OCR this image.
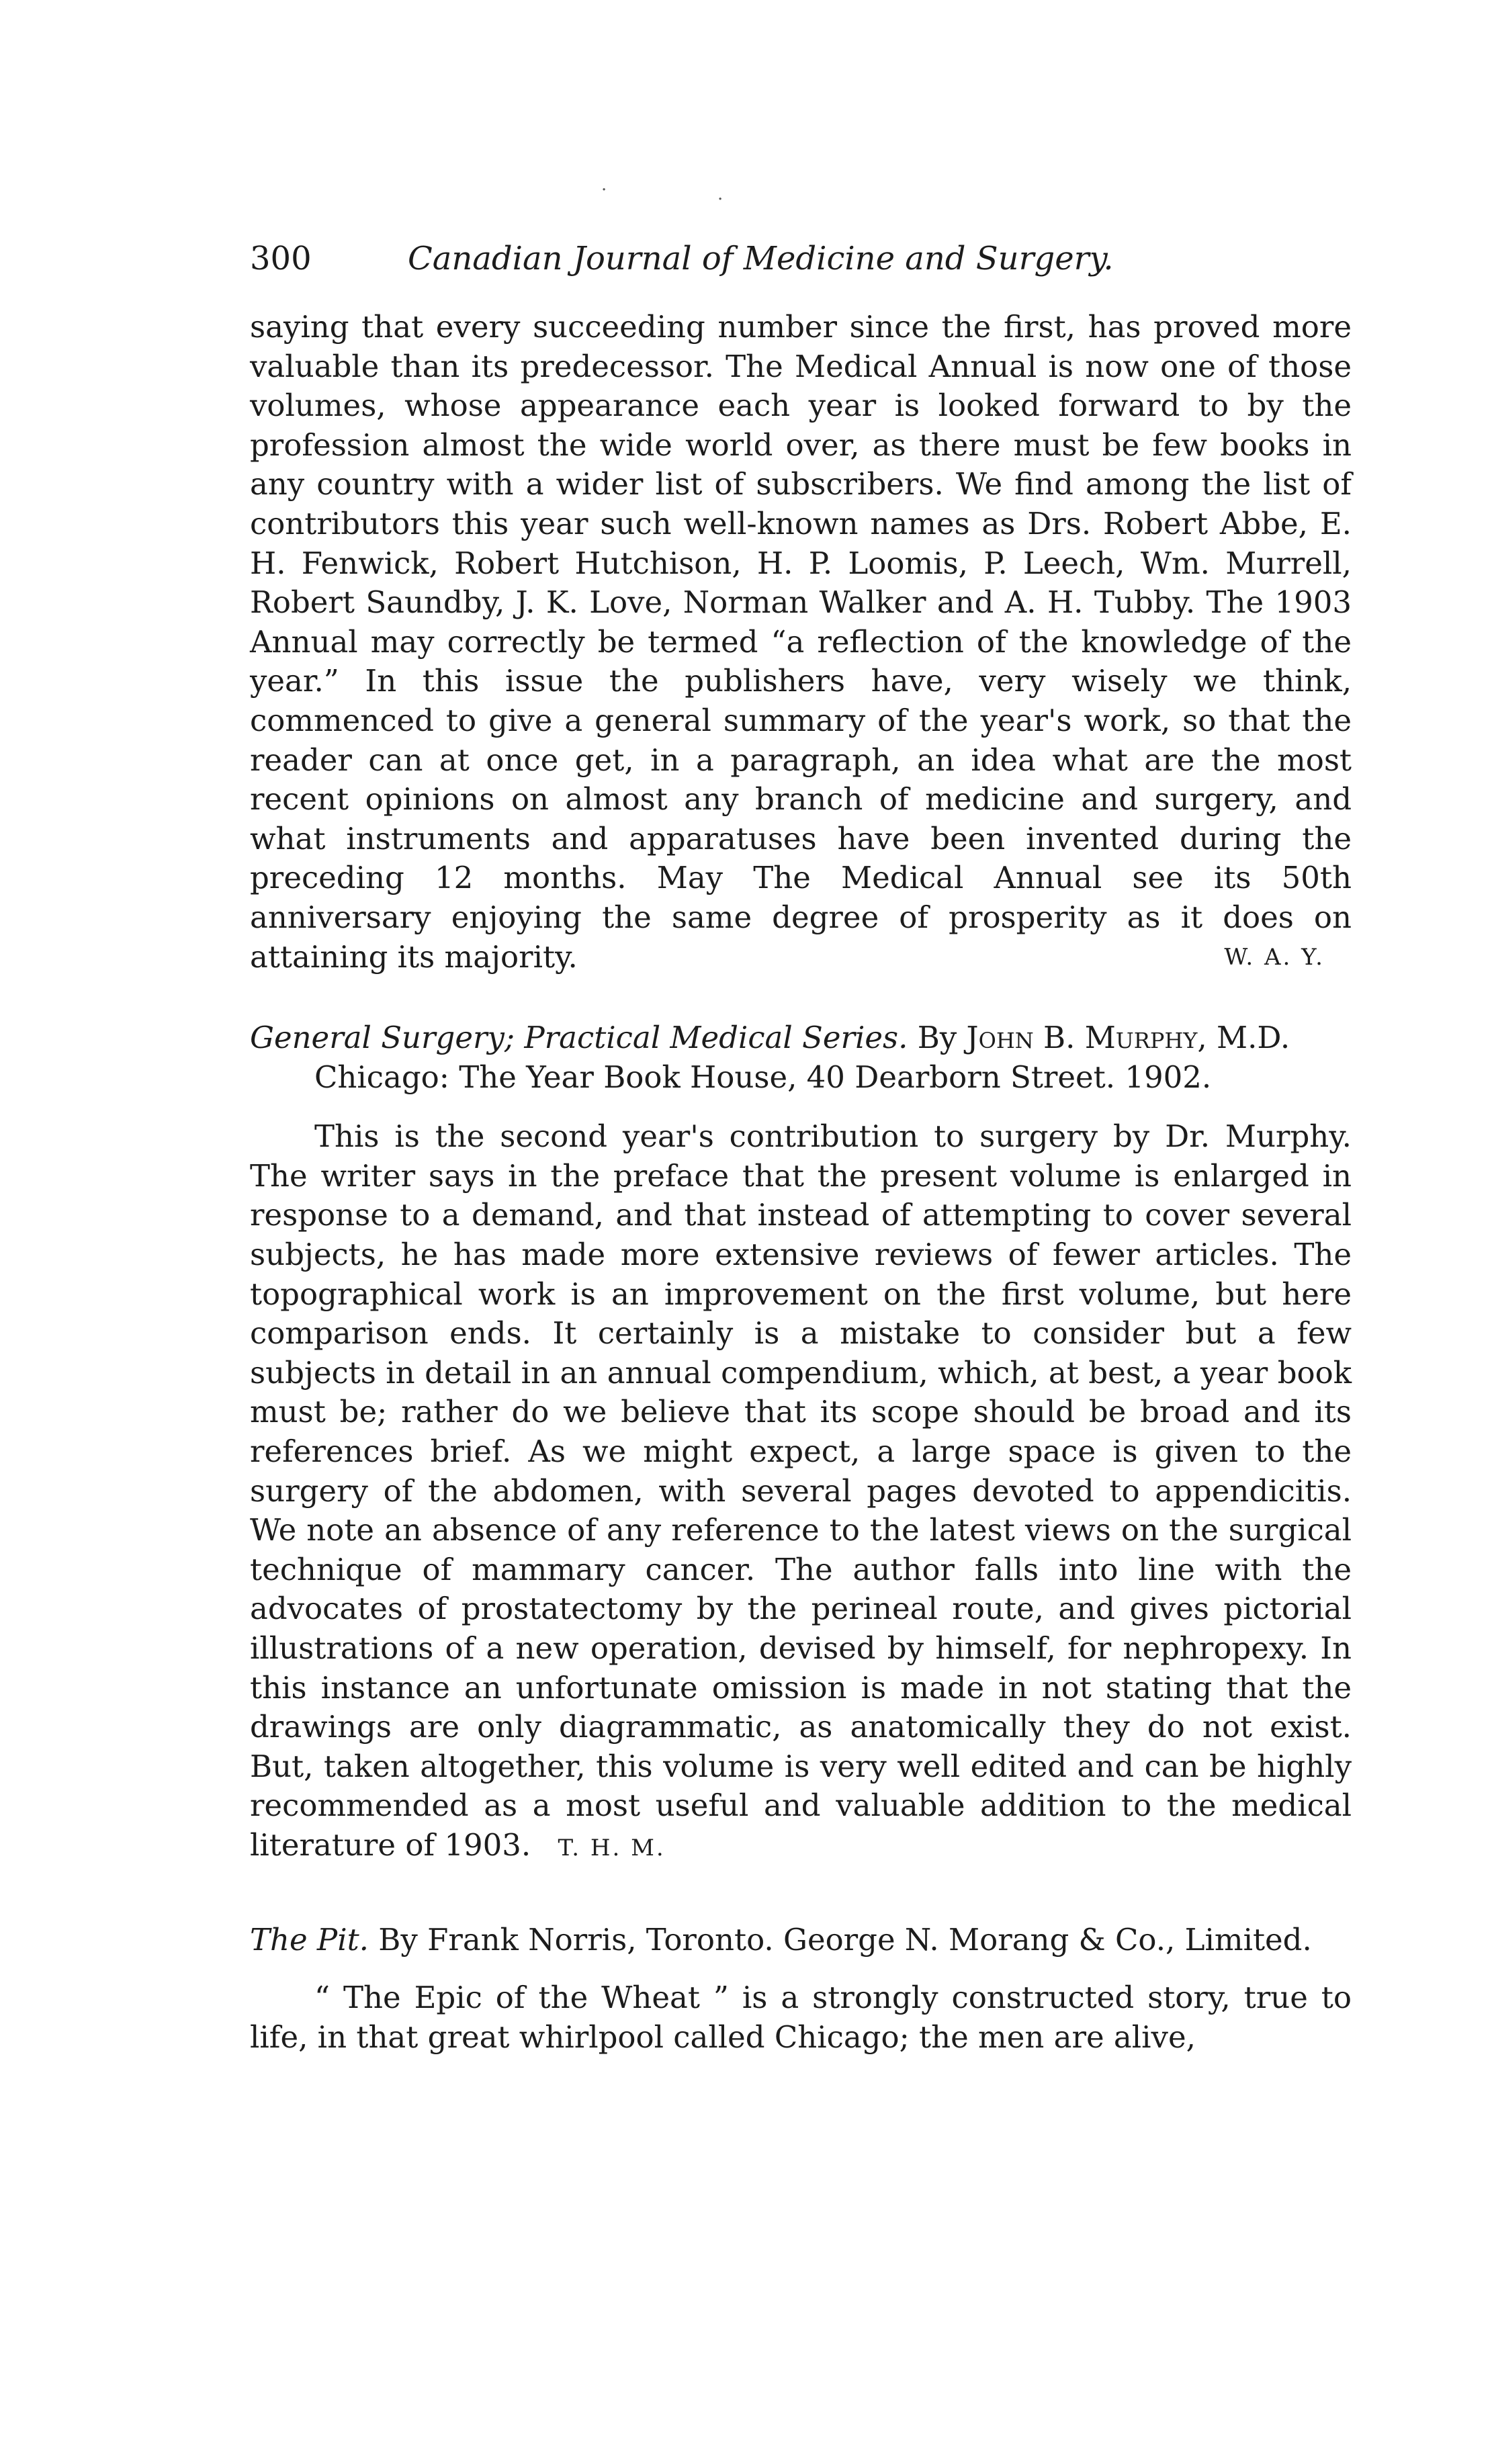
·	·
300	Canadian Journal of Medicine and Surgery.

saying that every succeeding number since the first, has proved more valuable than its predecessor. The Medical Annual is now one of those volumes, whose appearance each year is looked forward to by the profession almost the wide world over, as there must be few books in any country with a wider list of subscribers. We find among the list of contributors this year such well-known names as Drs. Robert Abbe, E. H. Fenwick, Robert Hutchison, H. P. Loomis, P. Leech, Wm. Murrell, Robert Saundby, J. K. Love, Norman Walker and A. H. Tubby. The 1903 Annual may correctly be termed “a reflection of the knowledge of the year.” In this issue the publishers have, very wisely we think, commenced to give a general summary of the year's work, so that the reader can at once get, in a paragraph, an idea what are the most recent opinions on almost any branch of medicine and surgery, and what instruments and apparatuses have been invented during the preceding 12 months. May The Medical Annual see its 50th anniversary enjoying the same degree of prosperity as it does on attaining its majority.	W. A. Y.

General Surgery; Practical Medical Series. By John B. Murphy, M.D. Chicago: The Year Book House, 40 Dearborn Street. 1902.

This is the second year's contribution to surgery by Dr. Murphy. The writer says in the preface that the present volume is enlarged in response to a demand, and that instead of attempting to cover several subjects, he has made more extensive reviews of fewer articles. The topographical work is an improvement on the first volume, but here comparison ends. It certainly is a mistake to consider but a few subjects in detail in an annual compendium, which, at best, a year book must be; rather do we believe that its scope should be broad and its references brief. As we might expect, a large space is given to the surgery of the abdomen, with several pages devoted to appendicitis. We note an absence of any reference to the latest views on the surgical technique of mammary cancer. The author falls into line with the advocates of prostatectomy by the perineal route, and gives pictorial illustrations of a new operation, devised by himself, for nephropexy. In this instance an unfortunate omission is made in not stating that the drawings are only diagrammatic, as anatomically they do not exist. But, taken altogether, this volume is very well edited and can be highly recommended as a most useful and valuable addition to the medical literature of 1903. T. H. M.

The Pit. By Frank Norris, Toronto. George N. Morang & Co., Limited.

“ The Epic of the Wheat ” is a strongly constructed story, true to life, in that great whirlpool called Chicago; the men are alive,
